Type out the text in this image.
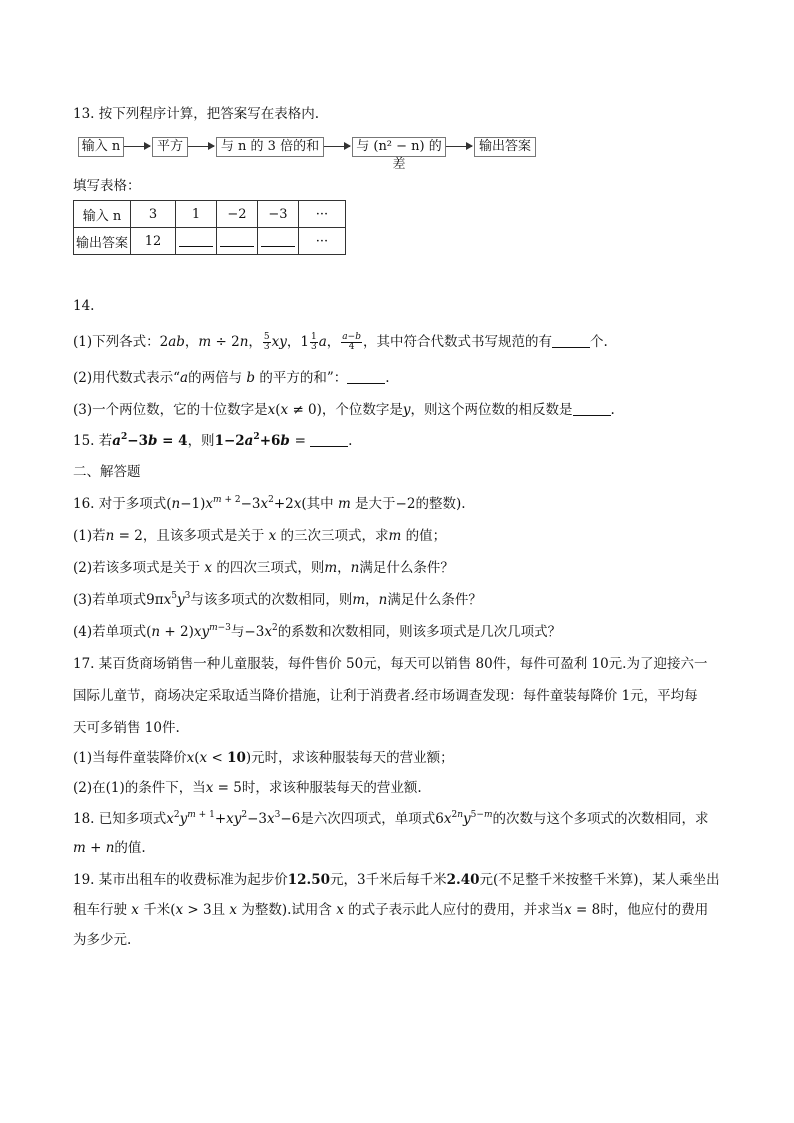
13. 按下列程序计算，把答案写在表格内.
输入 n	平方	与 n 的 3 倍的和	与 (n² − n) 的差
输出答案
填写表格：
输入 n	3	1	−2	−3	···
输出答案	12				···
14.
(1)下列各式：2ab，m ÷ 2n， $\frac{5}{3}$ xy，$1 \frac{1}{3}$ a， $\frac{a-b}{4}$ ，其中符合代数式书写规范的有	个.
(2)用代数式表示“a的两倍与 b 的平方的和”：	.
(3)一个两位数，它的十位数字是x(x ≠ 0)，个位数字是y，则这个两位数的相反数是	.
15. 若$a^2-3b = 4$，则$1-2a^2+6b$ =	.
二、解答题
16. 对于多项式$(n-1)x^{m + 2}-3x^2+2x$(其中 m 是大于−2的整数).
(1)若n = 2，且该多项式是关于 x 的三次三项式，求m 的值；
(2)若该多项式是关于 x 的四次三项式，则m，n满足什么条件？
(3)若单项式$9\pi x^5y^3$与该多项式的次数相同，则m，n满足什么条件？
(4)若单项式$(n + 2)xy^{m-3}$与$-3x^2$的系数和次数相同，则该多项式是几次几项式？
17. 某百货商场销售一种儿童服装，每件售价 50元，每天可以销售 80件，每件可盈利 10元.为了迎接六一
国际儿童节，商场决定采取适当降价措施，让利于消费者.经市场调查发现：每件童装每降价 1元，平均每
天可多销售 10件.
(1)当每件童装降价x(x < 10)元时，求该种服装每天的营业额；
(2)在(1)的条件下，当x = 5时，求该种服装每天的营业额.
18. 已知多项式$x^2y^{m + 1}+xy^2-3x^3-6$是六次四项式，单项式$6x^{2n}y^{5-m}$的次数与这个多项式的次数相同，求
m + n的值.
19. 某市出租车的收费标准为起步价12.50元，3千米后每千米2.40元(不足整千米按整千米算)，某人乘坐出
租车行驶 x 千米(x > 3且 x 为整数).试用含 x 的式子表示此人应付的费用，并求当x = 8时，他应付的费用
为多少元.
